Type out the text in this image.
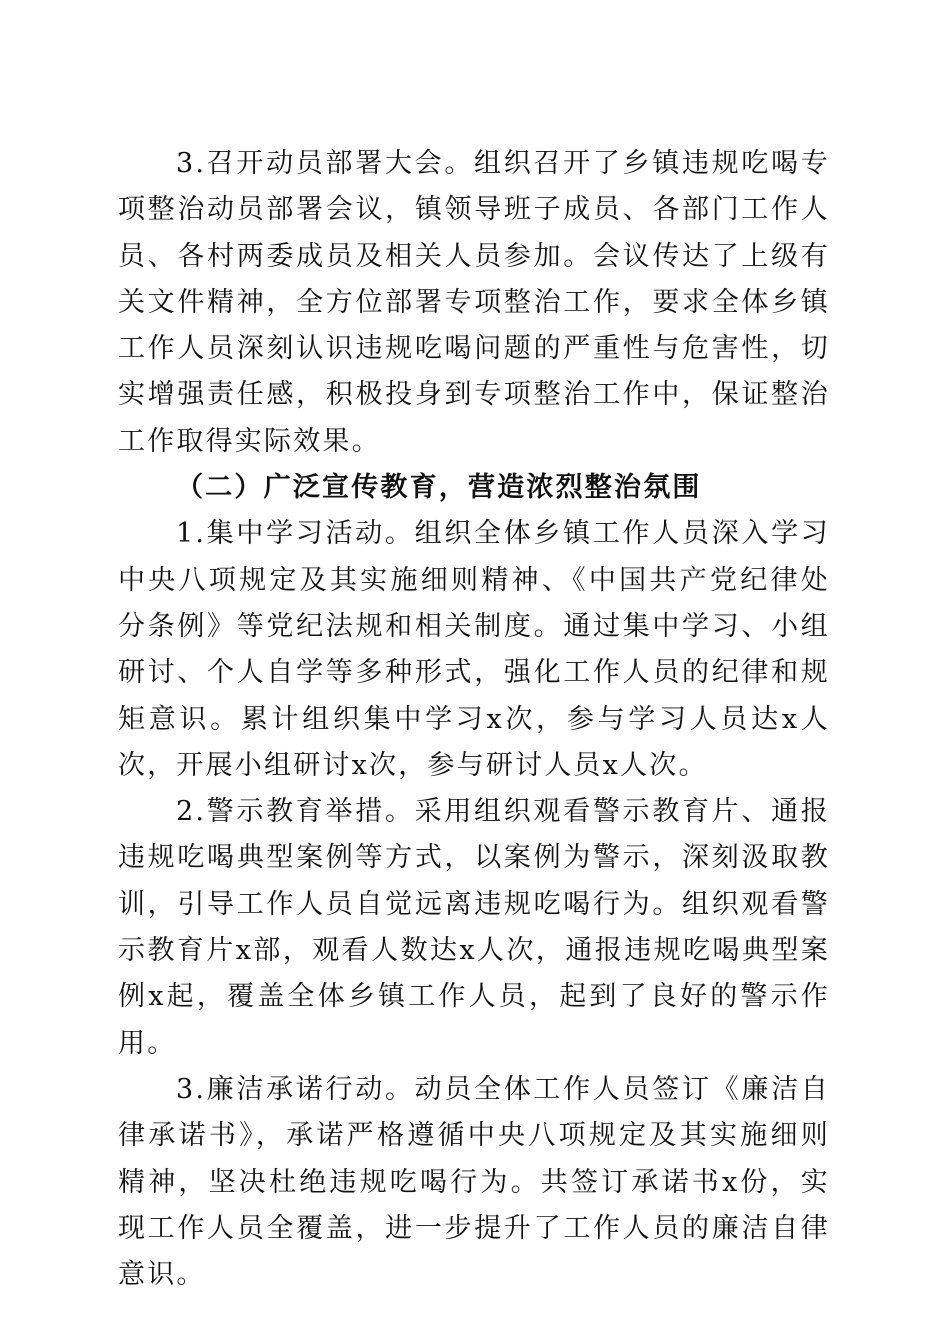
3.召开动员部署大会。组织召开了乡镇违规吃喝专项整治动员部署会议，镇领导班子成员、各部门工作人员、各村两委成员及相关人员参加。会议传达了上级有关文件精神，全方位部署专项整治工作，要求全体乡镇工作人员深刻认识违规吃喝问题的严重性与危害性，切实增强责任感，积极投身到专项整治工作中，保证整治工作取得实际效果。

（二）广泛宣传教育，营造浓烈整治氛围

1.集中学习活动。组织全体乡镇工作人员深入学习中央八项规定及其实施细则精神、《中国共产党纪律处分条例》等党纪法规和相关制度。通过集中学习、小组研讨、个人自学等多种形式，强化工作人员的纪律和规矩意识。累计组织集中学习x次，参与学习人员达x人次，开展小组研讨x次，参与研讨人员x人次。

2.警示教育举措。采用组织观看警示教育片、通报违规吃喝典型案例等方式，以案例为警示，深刻汲取教训，引导工作人员自觉远离违规吃喝行为。组织观看警示教育片x部，观看人数达x人次，通报违规吃喝典型案例x起，覆盖全体乡镇工作人员，起到了良好的警示作用。

3.廉洁承诺行动。动员全体工作人员签订《廉洁自律承诺书》，承诺严格遵循中央八项规定及其实施细则精神，坚决杜绝违规吃喝行为。共签订承诺书x份，实现工作人员全覆盖，进一步提升了工作人员的廉洁自律意识。
